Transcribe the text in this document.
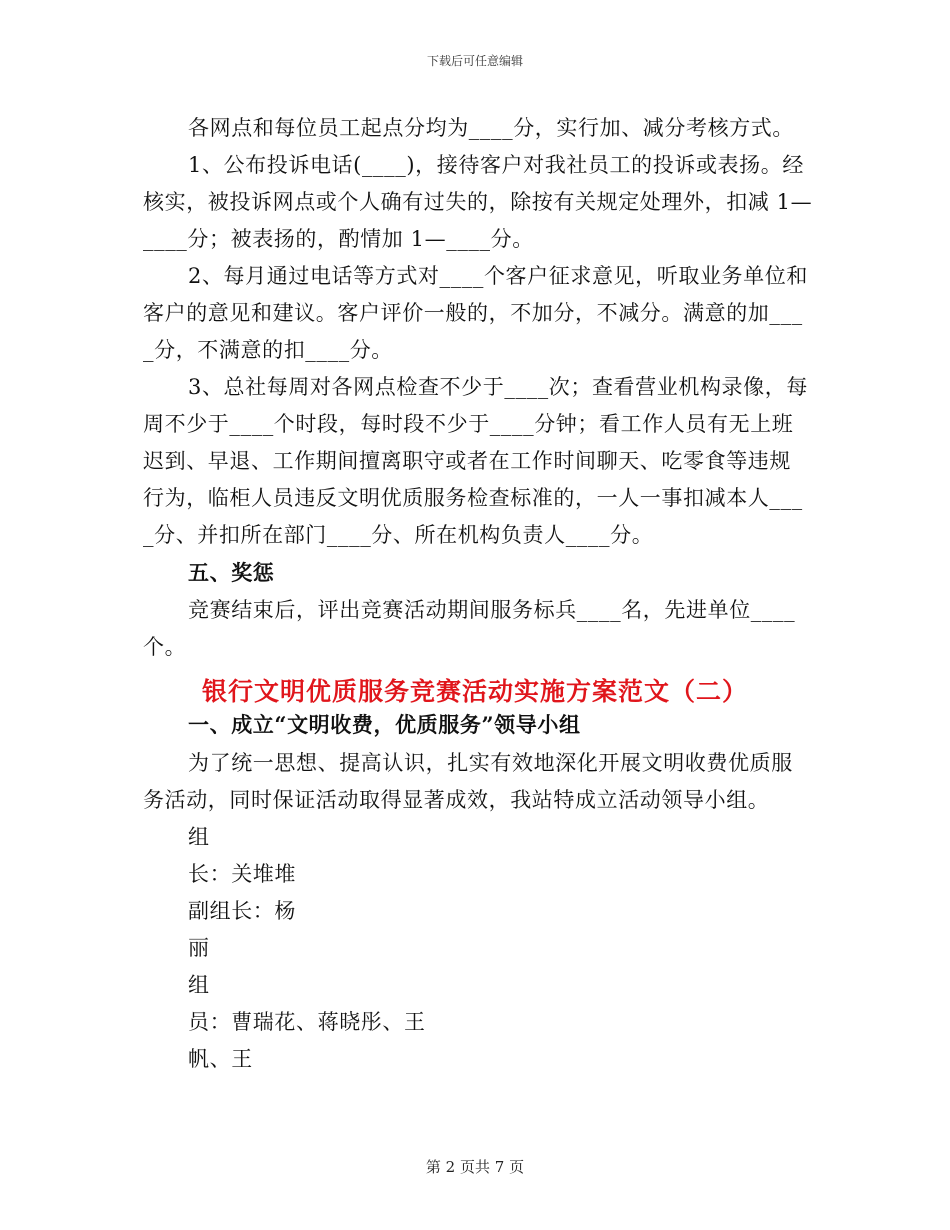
下载后可任意编辑
各网点和每位员工起点分均为____分，实行加、减分考核方式。
1、公布投诉电话(____)，接待客户对我社员工的投诉或表扬。经
核实，被投诉网点或个人确有过失的，除按有关规定处理外，扣减 1—
____分；被表扬的，酌情加 1—____分。
2、每月通过电话等方式对____个客户征求意见，听取业务单位和
客户的意见和建议。客户评价一般的，不加分，不减分。满意的加___
_分，不满意的扣____分。
3、总社每周对各网点检查不少于____次；查看营业机构录像，每
周不少于____个时段，每时段不少于____分钟；看工作人员有无上班
迟到、早退、工作期间擅离职守或者在工作时间聊天、吃零食等违规
行为，临柜人员违反文明优质服务检查标准的，一人一事扣减本人___
_分、并扣所在部门____分、所在机构负责人____分。
五、奖惩
竞赛结束后，评出竞赛活动期间服务标兵____名，先进单位____
个。
银行文明优质服务竞赛活动实施方案范文（二）
一、成立“文明收费，优质服务”领导小组
为了统一思想、提高认识，扎实有效地深化开展文明收费优质服
务活动，同时保证活动取得显著成效，我站特成立活动领导小组。
组
长：关堆堆
副组长：杨
丽
组
员：曹瑞花、蒋晓彤、王
帆、王
第 2 页共 7 页
